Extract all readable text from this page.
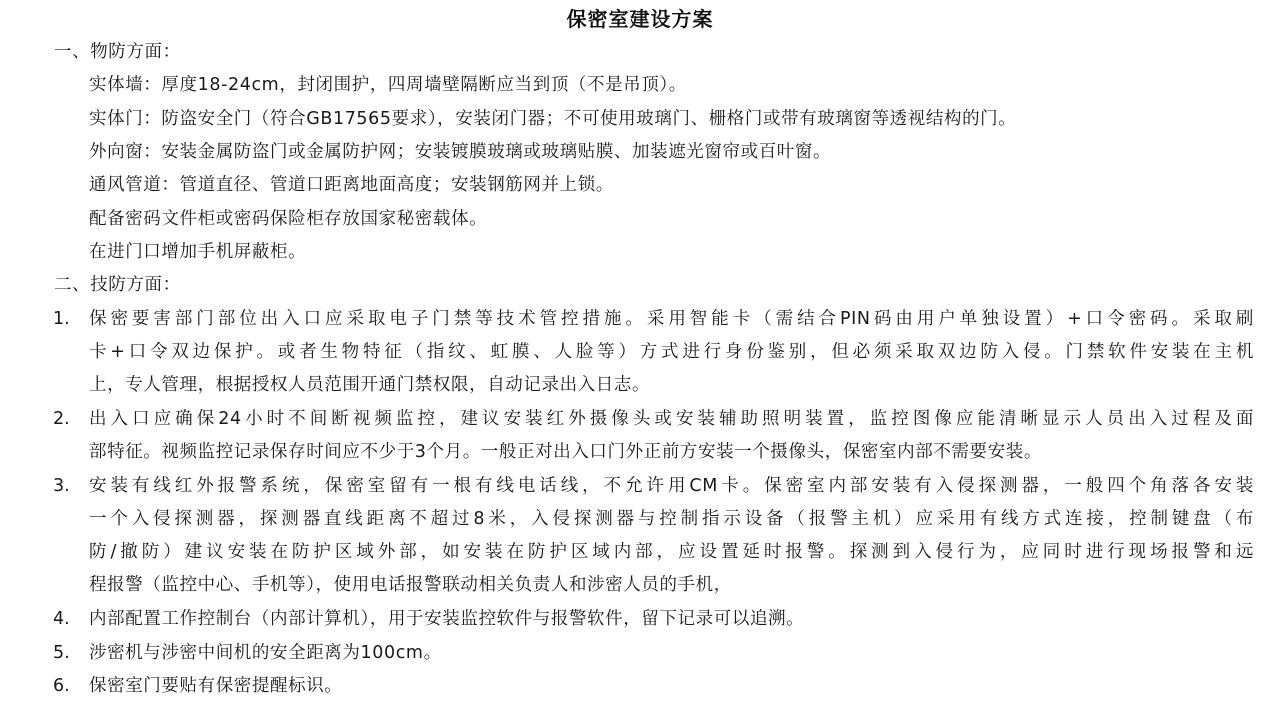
保密室建设方案
一、物防方面：
实体墙：厚度18-24cm，封闭围护，四周墙壁隔断应当到顶（不是吊顶）。
实体门：防盗安全门（符合GB17565要求），安装闭门器；不可使用玻璃门、栅格门或带有玻璃窗等透视结构的门。
外向窗：安装金属防盗门或金属防护网；安装镀膜玻璃或玻璃贴膜、加装遮光窗帘或百叶窗。
通风管道：管道直径、管道口距离地面高度；安装钢筋网并上锁。
配备密码文件柜或密码保险柜存放国家秘密载体。
在进门口增加手机屏蔽柜。
二、技防方面：
1.	保密要害部门部位出入口应采取电子门禁等技术管控措施。采用智能卡（需结合PIN码由用户单独设置）+口令密码。采取刷
卡+口令双边保护。或者生物特征（指纹、虹膜、人脸等）方式进行身份鉴别，但必须采取双边防入侵。门禁软件安装在主机
上，专人管理，根据授权人员范围开通门禁权限，自动记录出入日志。
2.	出入口应确保24小时不间断视频监控，建议安装红外摄像头或安装辅助照明装置，监控图像应能清晰显示人员出入过程及面
部特征。视频监控记录保存时间应不少于3个月。一般正对出入口门外正前方安装一个摄像头，保密室内部不需要安装。
3.	安装有线红外报警系统，保密室留有一根有线电话线，不允许用CM卡。保密室内部安装有入侵探测器，一般四个角落各安装
一个入侵探测器，探测器直线距离不超过8米，入侵探测器与控制指示设备（报警主机）应采用有线方式连接，控制键盘（布
防/撤防）建议安装在防护区域外部，如安装在防护区域内部，应设置延时报警。探测到入侵行为，应同时进行现场报警和远
程报警（监控中心、手机等），使用电话报警联动相关负责人和涉密人员的手机，
4.	内部配置工作控制台（内部计算机），用于安装监控软件与报警软件，留下记录可以追溯。
5.	涉密机与涉密中间机的安全距离为100cm。
6.	保密室门要贴有保密提醒标识。
